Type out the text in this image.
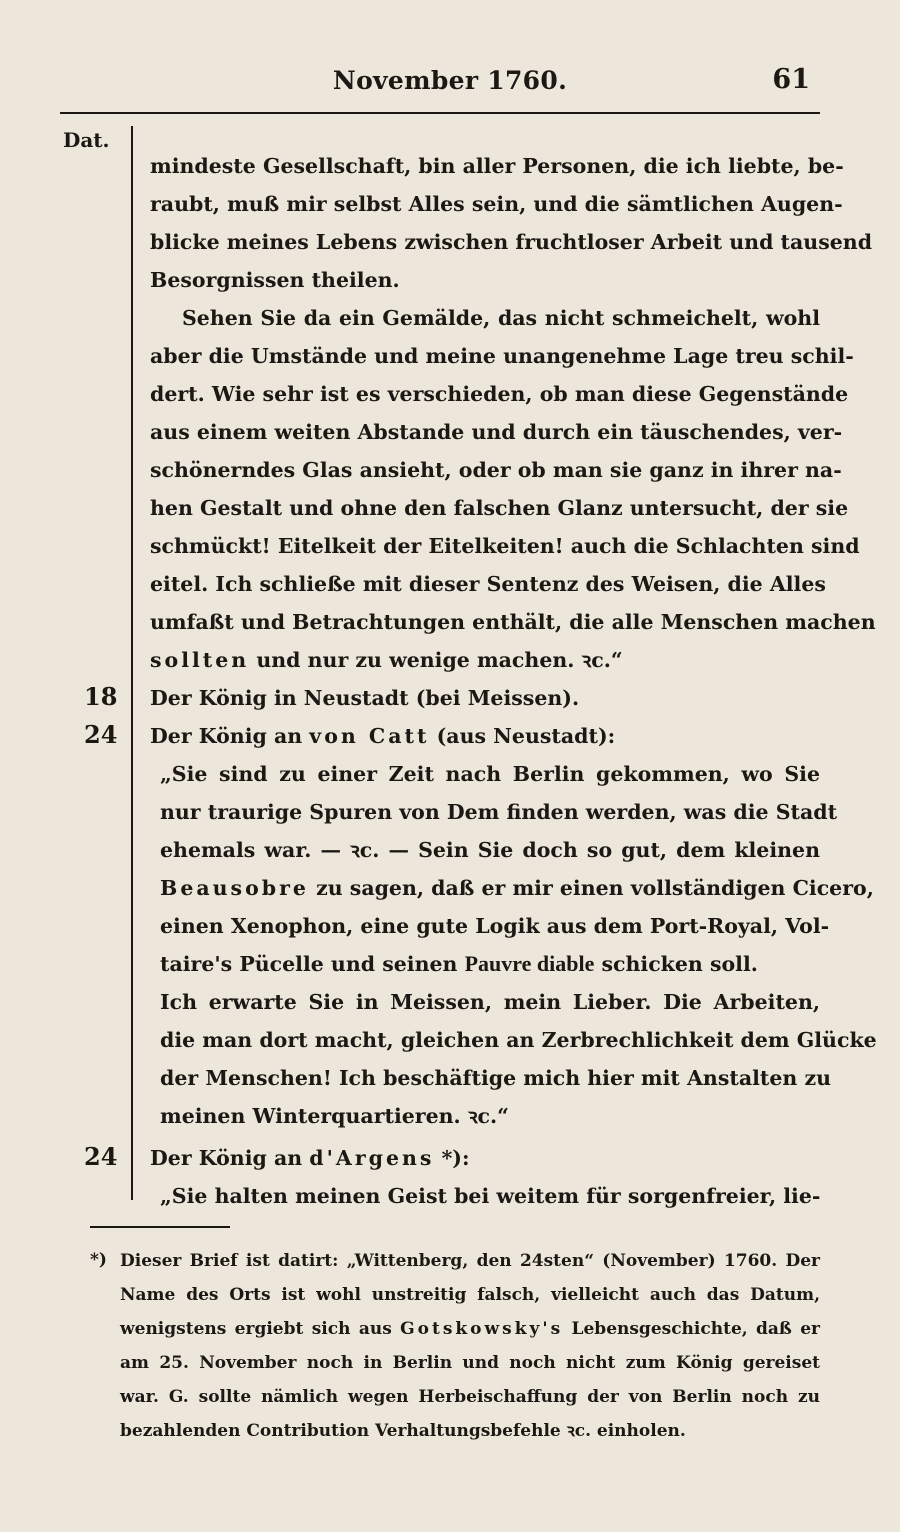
November 1760.	61
Dat.
mindeste Gesellschaft, bin aller Personen, die ich liebte, be-
raubt, muß mir selbst Alles sein, und die sämtlichen Augen-
blicke meines Lebens zwischen fruchtloser Arbeit und tausend
Besorgnissen theilen.
Sehen Sie da ein Gemälde, das nicht schmeichelt, wohl
aber die Umstände und meine unangenehme Lage treu schil-
dert. Wie sehr ist es verschieden, ob man diese Gegenstände
aus einem weiten Abstande und durch ein täuschendes, ver-
schönerndes Glas ansieht, oder ob man sie ganz in ihrer na-
hen Gestalt und ohne den falschen Glanz untersucht, der sie
schmückt! Eitelkeit der Eitelkeiten! auch die Schlachten sind
eitel. Ich schließe mit dieser Sentenz des Weisen, die Alles
umfaßt und Betrachtungen enthält, die alle Menschen machen
sollten und nur zu wenige machen. ꝛc.“
18 Der König in Neustadt (bei Meissen).
24 Der König an von Catt (aus Neustadt):
„Sie sind zu einer Zeit nach Berlin gekommen, wo Sie
nur traurige Spuren von Dem finden werden, was die Stadt
ehemals war. — ꝛc. — Sein Sie doch so gut, dem kleinen
Beausobre zu sagen, daß er mir einen vollständigen Cicero,
einen Xenophon, eine gute Logik aus dem Port-Royal, Vol-
taire's Pücelle und seinen Pauvre diable schicken soll.
Ich erwarte Sie in Meissen, mein Lieber. Die Arbeiten,
die man dort macht, gleichen an Zerbrechlichkeit dem Glücke
der Menschen! Ich beschäftige mich hier mit Anstalten zu
meinen Winterquartieren. ꝛc.“
24 Der König an d'Argens *):
„Sie halten meinen Geist bei weitem für sorgenfreier, lie-
*) Dieser Brief ist datirt: „Wittenberg, den 24sten“ (November) 1760. Der
Name des Orts ist wohl unstreitig falsch, vielleicht auch das Datum,
wenigstens ergiebt sich aus Gotskowsky's Lebensgeschichte, daß er
am 25. November noch in Berlin und noch nicht zum König gereiset
war. G. sollte nämlich wegen Herbeischaffung der von Berlin noch zu
bezahlenden Contribution Verhaltungsbefehle ꝛc. einholen.
